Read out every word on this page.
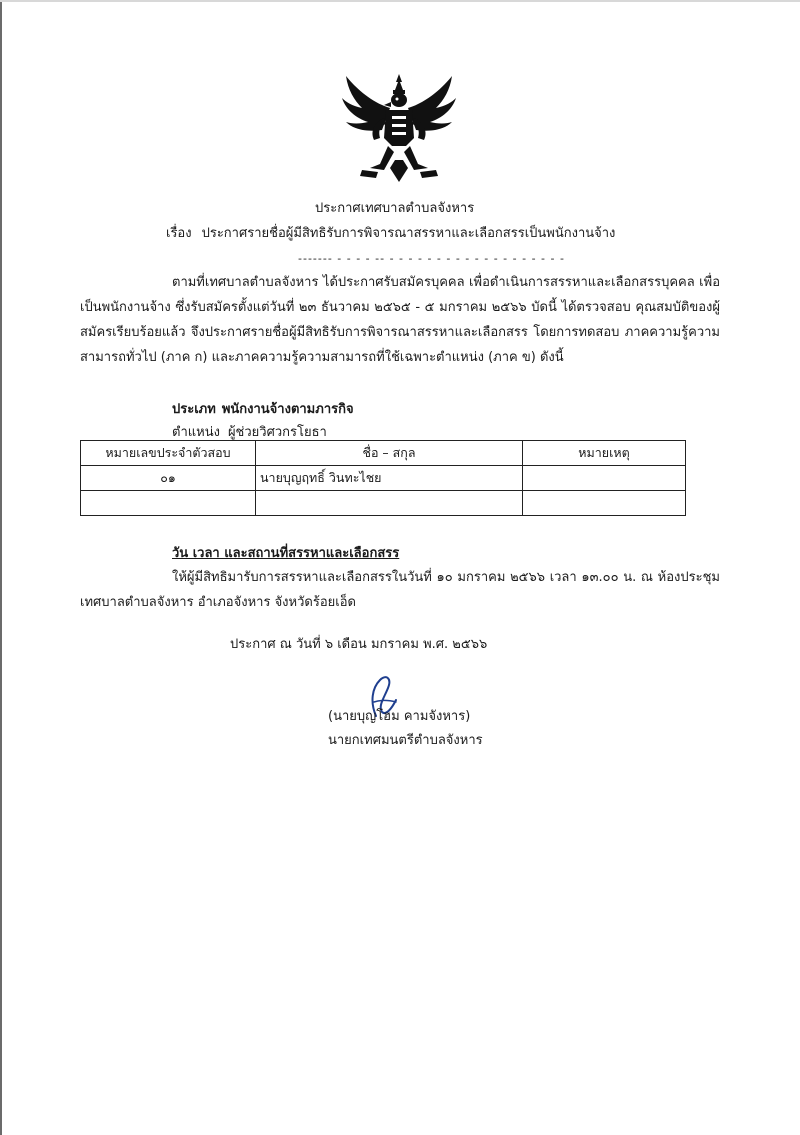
ประกาศเทศบาลตำบลจังหาร
เรื่อง ประกาศรายชื่อผู้มีสิทธิรับการพิจารณาสรรหาและเลือกสรรเป็นพนักงานจ้าง
------- - - - - -- - - - - - - - - - - - - - - - - - - -

ตามที่เทศบาลตำบลจังหาร ได้ประกาศรับสมัครบุคคล เพื่อดำเนินการสรรหาและเลือกสรรบุคคล เพื่อเป็นพนักงานจ้าง ซึ่งรับสมัครตั้งแต่วันที่ ๒๓ ธันวาคม ๒๕๖๕ - ๕ มกราคม ๒๕๖๖ บัดนี้ ได้ตรวจสอบ คุณสมบัติของผู้สมัครเรียบร้อยแล้ว จึงประกาศรายชื่อผู้มีสิทธิรับการพิจารณาสรรหาและเลือกสรร โดยการทดสอบ ภาคความรู้ความสามารถทั่วไป (ภาค ก) และภาคความรู้ความสามารถที่ใช้เฉพาะตำแหน่ง (ภาค ข) ดังนี้

ประเภท พนักงานจ้างตามภารกิจ
ตำแหน่ง ผู้ช่วยวิศวกรโยธา
หมายเลขประจำตัวสอบ	ชื่อ – สกุล	หมายเหตุ
๐๑	นายบุญฤทธิ์ วินทะไชย	

วัน เวลา และสถานที่สรรหาและเลือกสรร

ให้ผู้มีสิทธิมารับการสรรหาและเลือกสรรในวันที่ ๑๐ มกราคม ๒๕๖๖ เวลา ๑๓.๐๐ น. ณ ห้องประชุมเทศบาลตำบลจังหาร อำเภอจังหาร จังหวัดร้อยเอ็ด

ประกาศ ณ วันที่ ๖ เดือน มกราคม พ.ศ. ๒๕๖๖
(นายบุญโฮม คามจังหาร)
นายกเทศมนตรีตำบลจังหาร
